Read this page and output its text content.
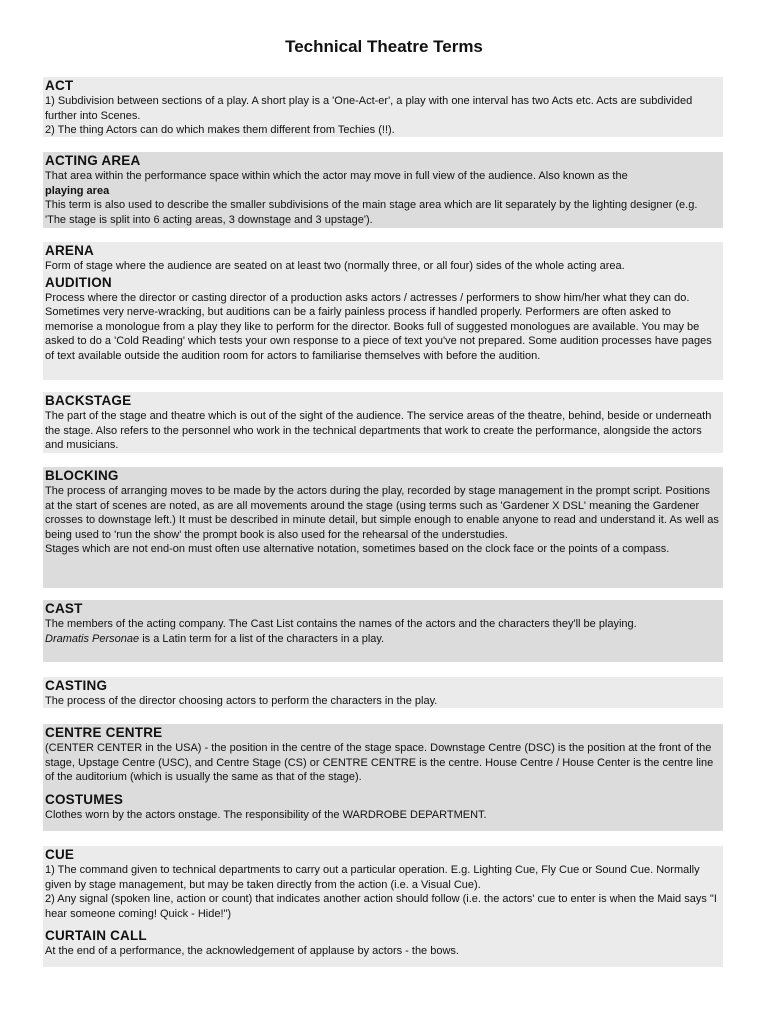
Technical Theatre Terms
ACT

1) Subdivision between sections of a play. A short play is a 'One-Act-er', a play with one interval has two Acts etc. Acts are subdivided further into Scenes.

2) The thing Actors can do which makes them different from Techies (!!).

ACTING AREA

That area within the performance space within which the actor may move in full view of the audience. Also known as the

playing area

This term is also used to describe the smaller subdivisions of the main stage area which are lit separately by the lighting designer (e.g. 'The stage is split into 6 acting areas, 3 downstage and 3 upstage').

ARENA

Form of stage where the audience are seated on at least two (normally three, or all four) sides of the whole acting area.

AUDITION

Process where the director or casting director of a production asks actors / actresses / performers to show him/her what they can do. Sometimes very nerve-wracking, but auditions can be a fairly painless process if handled properly. Performers are often asked to memorise a monologue from a play they like to perform for the director. Books full of suggested monologues are available. You may be asked to do a 'Cold Reading' which tests your own response to a piece of text you've not prepared. Some audition processes have pages of text available outside the audition room for actors to familiarise themselves with before the audition.

BACKSTAGE

The part of the stage and theatre which is out of the sight of the audience. The service areas of the theatre, behind, beside or underneath the stage. Also refers to the personnel who work in the technical departments that work to create the performance, alongside the actors and musicians.

BLOCKING

The process of arranging moves to be made by the actors during the play, recorded by stage management in the prompt script. Positions at the start of scenes are noted, as are all movements around the stage (using terms such as 'Gardener X DSL' meaning the Gardener crosses to downstage left.) It must be described in minute detail, but simple enough to enable anyone to read and understand it. As well as being used to 'run the show' the prompt book is also used for the rehearsal of the understudies.

Stages which are not end-on must often use alternative notation, sometimes based on the clock face or the points of a compass.

CAST

The members of the acting company. The Cast List contains the names of the actors and the characters they'll be playing.

Dramatis Personae is a Latin term for a list of the characters in a play.

CASTING

The process of the director choosing actors to perform the characters in the play.

CENTRE CENTRE

(CENTER CENTER in the USA) - the position in the centre of the stage space. Downstage Centre (DSC) is the position at the front of the stage, Upstage Centre (USC), and Centre Stage (CS) or CENTRE CENTRE is the centre. House Centre / House Center is the centre line of the auditorium (which is usually the same as that of the stage).

COSTUMES

Clothes worn by the actors onstage. The responsibility of the WARDROBE DEPARTMENT.

CUE

1) The command given to technical departments to carry out a particular operation. E.g. Lighting Cue, Fly Cue or Sound Cue. Normally given by stage management, but may be taken directly from the action (i.e. a Visual Cue).

2) Any signal (spoken line, action or count) that indicates another action should follow (i.e. the actors' cue to enter is when the Maid says "I hear someone coming! Quick - Hide!")

CURTAIN CALL

At the end of a performance, the acknowledgement of applause by actors - the bows.
